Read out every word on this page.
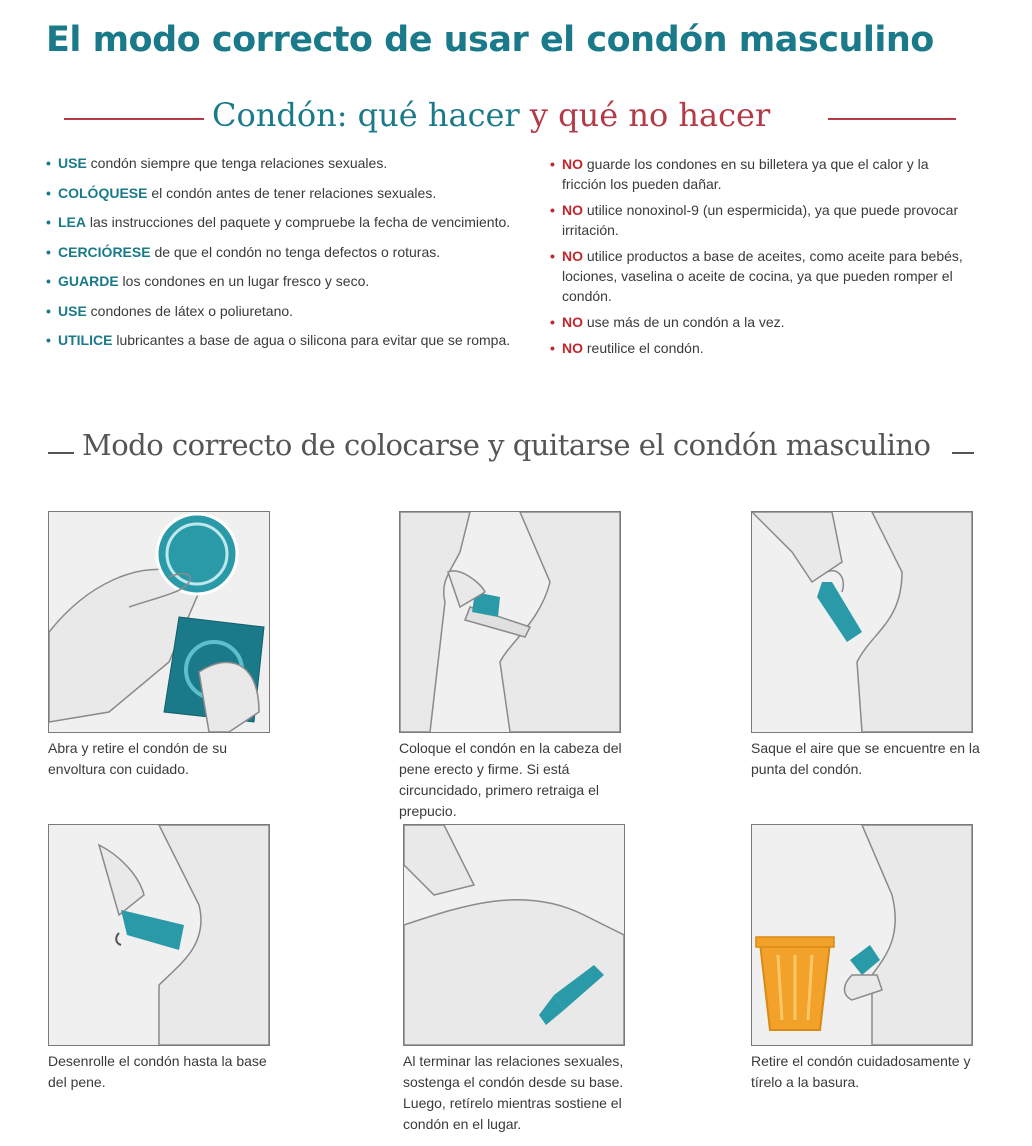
El modo correcto de usar el condón masculino
Condón: qué hacer y qué no hacer
• USE condón siempre que tenga relaciones sexuales.
• COLÓQUESE el condón antes de tener relaciones sexuales.
• LEA las instrucciones del paquete y compruebe la fecha de vencimiento.
• CERCIÓRESE de que el condón no tenga defectos o roturas.
• GUARDE los condones en un lugar fresco y seco.
• USE condones de látex o poliuretano.
• UTILICE lubricantes a base de agua o silicona para evitar que se rompa.
• NO guarde los condones en su billetera ya que el calor y la fricción los pueden dañar.
• NO utilice nonoxinol-9 (un espermicida), ya que puede provocar irritación.
• NO utilice productos a base de aceites, como aceite para bebés, lociones, vaselina o aceite de cocina, ya que pueden romper el condón.
• NO use más de un condón a la vez.
• NO reutilice el condón.
Modo correcto de colocarse y quitarse el condón masculino
Abra y retire el condón de su envoltura con cuidado.
Coloque el condón en la cabeza del pene erecto y firme. Si está circuncidado, primero retraiga el prepucio.
Saque el aire que se encuentre en la punta del condón.
Desenrolle el condón hasta la base del pene.
Al terminar las relaciones sexuales, sostenga el condón desde su base. Luego, retírelo mientras sostiene el condón en el lugar.
Retire el condón cuidadosamente y tírelo a la basura.
